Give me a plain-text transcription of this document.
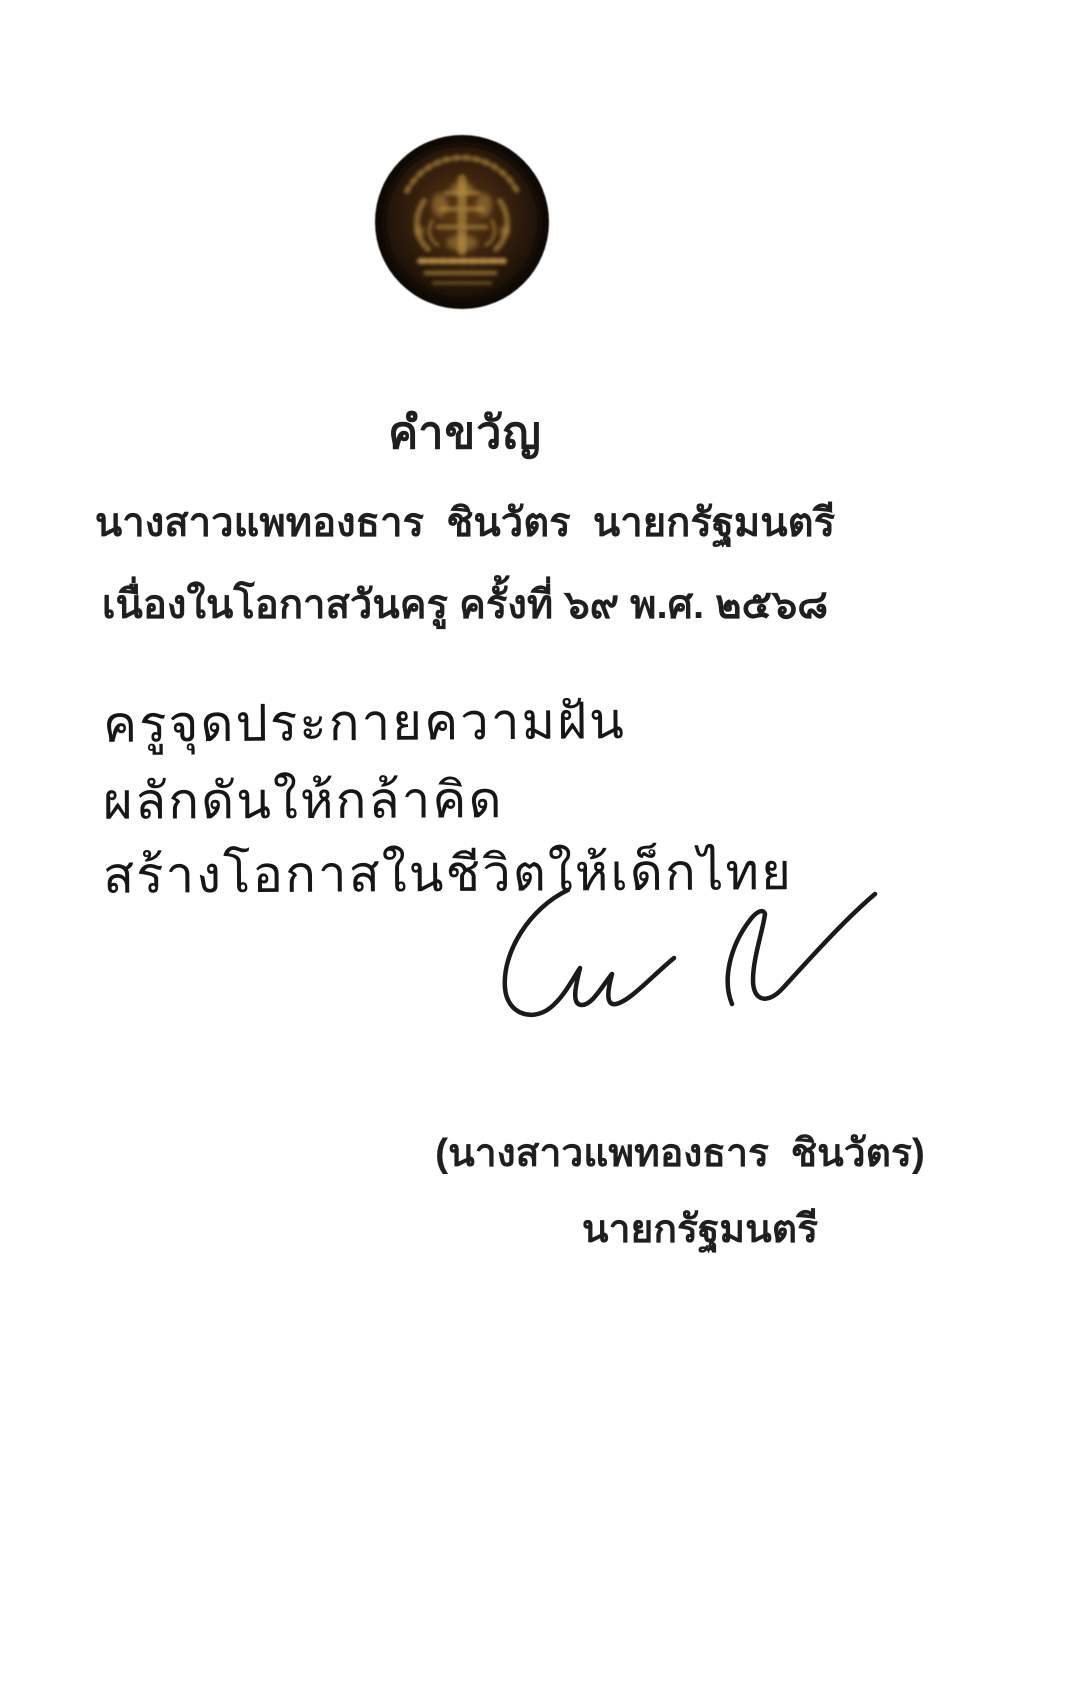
คำขวัญ
นางสาวแพทองธาร  ชินวัตร  นายกรัฐมนตรี
เนื่องในโอกาสวันครู ครั้งที่ ๖๙ พ.ศ. ๒๕๖๘
ครูจุดประกายความฝัน
ผลักดันให้กล้าคิด
สร้างโอกาสในชีวิตให้เด็กไทย
(นางสาวแพทองธาร  ชินวัตร)
นายกรัฐมนตรี
